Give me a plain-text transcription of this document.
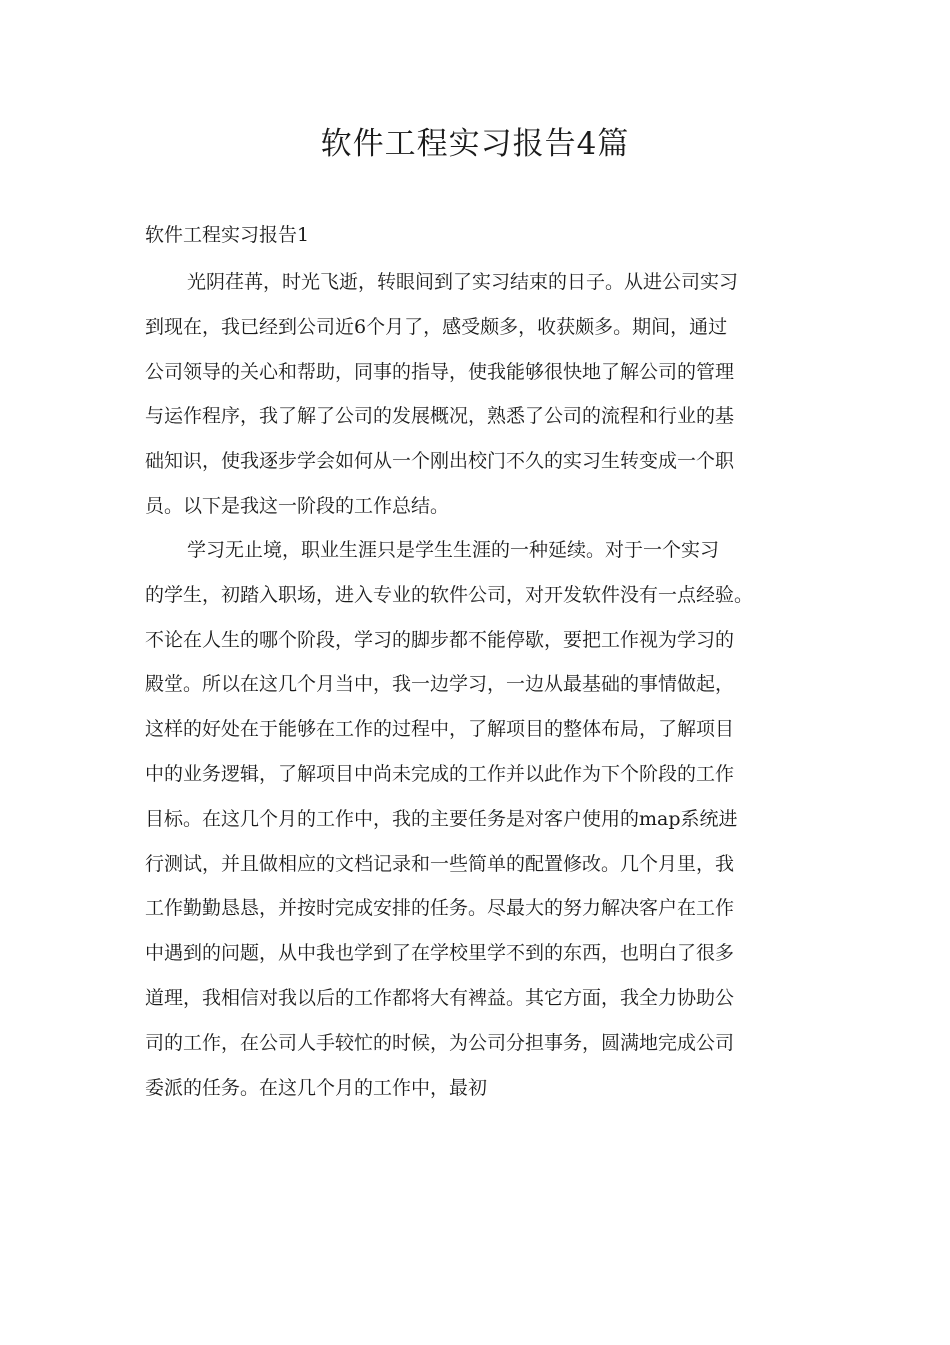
软件工程实习报告4篇
软件工程实习报告1
光阴荏苒，时光飞逝，转眼间到了实习结束的日子。从进公司实习
到现在，我已经到公司近6个月了，感受颇多，收获颇多。期间，通过
公司领导的关心和帮助，同事的指导，使我能够很快地了解公司的管理
与运作程序，我了解了公司的发展概况，熟悉了公司的流程和行业的基
础知识，使我逐步学会如何从一个刚出校门不久的实习生转变成一个职
员。以下是我这一阶段的工作总结。
学习无止境，职业生涯只是学生生涯的一种延续。对于一个实习
的学生，初踏入职场，进入专业的软件公司，对开发软件没有一点经验。
不论在人生的哪个阶段，学习的脚步都不能停歇，要把工作视为学习的
殿堂。所以在这几个月当中，我一边学习，一边从最基础的事情做起，
这样的好处在于能够在工作的过程中，了解项目的整体布局，了解项目
中的业务逻辑，了解项目中尚未完成的工作并以此作为下个阶段的工作
目标。在这几个月的工作中，我的主要任务是对客户使用的map系统进
行测试，并且做相应的文档记录和一些简单的配置修改。几个月里，我
工作勤勤恳恳，并按时完成安排的任务。尽最大的努力解决客户在工作
中遇到的问题，从中我也学到了在学校里学不到的东西，也明白了很多
道理，我相信对我以后的工作都将大有裨益。其它方面，我全力协助公
司的工作，在公司人手较忙的时候，为公司分担事务，圆满地完成公司
委派的任务。在这几个月的工作中，最初
